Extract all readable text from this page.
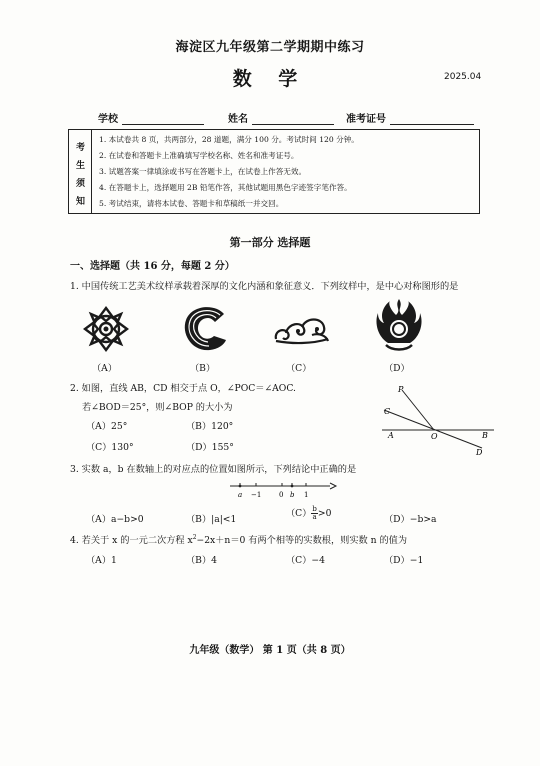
海淀区九年级第二学期期中练习
数 学	2025.04
学校	姓名	准考证号
考
生
须
知
1. 本试卷共 8 页，共两部分，28 道题，满分 100 分。考试时间 120 分钟。
2. 在试卷和答题卡上准确填写学校名称、姓名和准考证号。
3. 试题答案一律填涂或书写在答题卡上，在试卷上作答无效。
4. 在答题卡上，选择题用 2B 铅笔作答，其他试题用黑色字迹签字笔作答。
5. 考试结束，请将本试卷、答题卡和草稿纸一并交回。
第一部分 选择题
一、选择题（共 16 分，每题 2 分）
1. 中国传统工艺美术纹样承载着深厚的文化内涵和象征意义．下列纹样中，是中心对称图形的是
（A）	（B）	（C）	（D）
2. 如图，直线 AB，CD 相交于点 O，∠POC＝∠AOC.
若∠BOD＝25°，则∠BOP 的大小为
（A）25°	（B）120°
（C）130°	（D）155°
P
C
A	O	B
D
3. 实数 a，b 在数轴上的对应点的位置如图所示，下列结论中正确的是
a −1	0 b 1
（A）a−b>0	（B）|a|<1
$(C) \frac{b}{a} >0$
（D）−b>a
4. 若关于 x 的一元二次方程 $x^2-2x+n=0$ 有两个相等的实数根，则实数 n 的值为
（A）1	（B）4	（C）−4	（D）−1
九年级（数学） 第 1 页（共 8 页）
